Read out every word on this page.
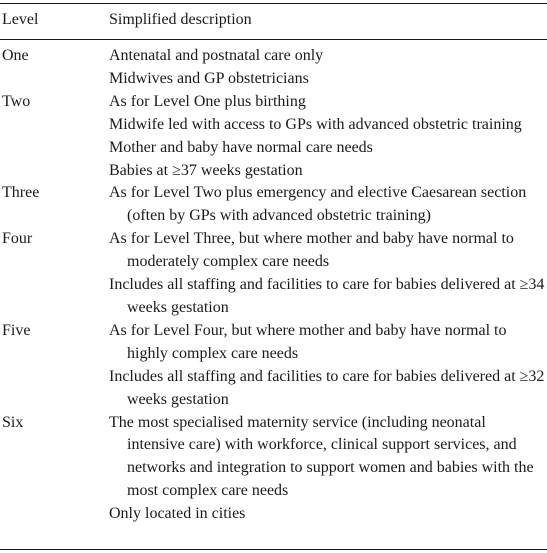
Level	Simplified description
One	Antenatal and postnatal care only

Midwives and GP obstetricians

Two	As for Level One plus birthing

Midwife led with access to GPs with advanced obstetric training

Mother and baby have normal care needs

Babies at ≥37 weeks gestation

Three	As for Level Two plus emergency and elective Caesarean section (often by GPs with advanced obstetric training)

Four	As for Level Three, but where mother and baby have normal to moderately complex care needs

Includes all staffing and facilities to care for babies delivered at ≥34 weeks gestation

Five	As for Level Four, but where mother and baby have normal to highly complex care needs

Includes all staffing and facilities to care for babies delivered at ≥32 weeks gestation

Six	The most specialised maternity service (including neonatal intensive care) with workforce, clinical support services, and networks and integration to support women and babies with the most complex care needs

Only located in cities
